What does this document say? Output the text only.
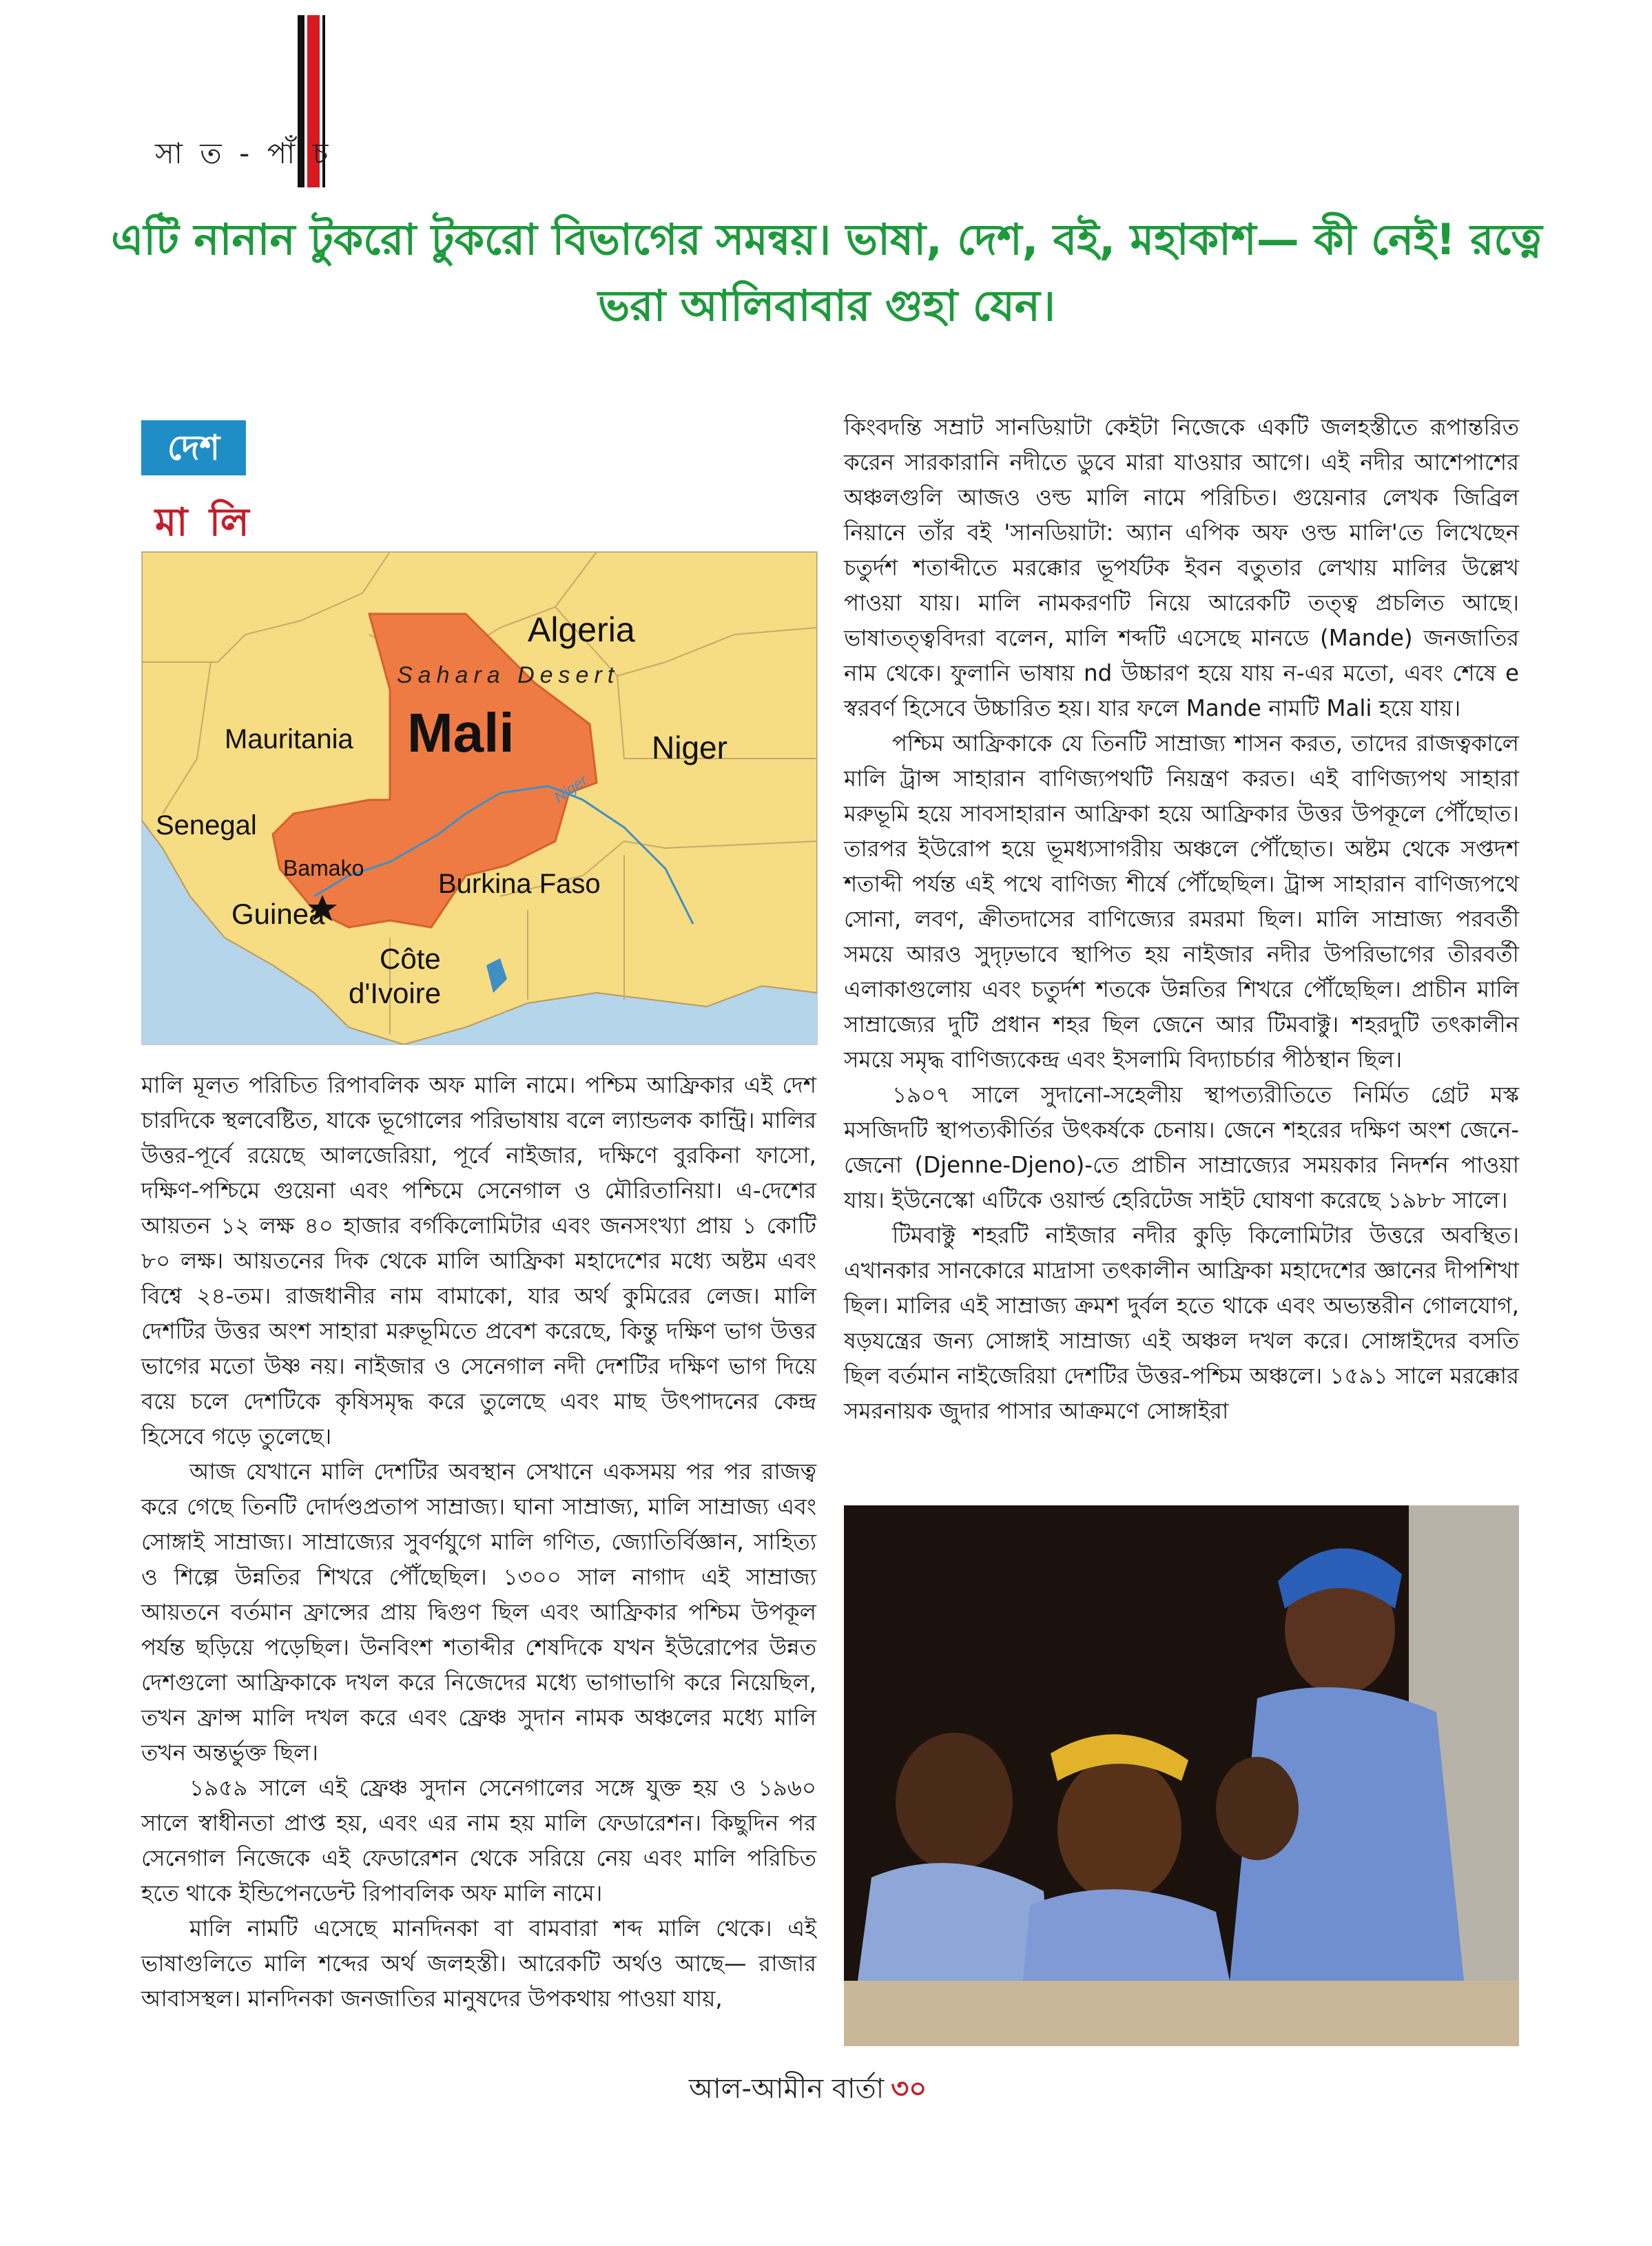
সা ত - পাঁ চ
এটি নানান টুকরো টুকরো বিভাগের সমন্বয়। ভাষা, দেশ, বই, মহাকাশ— কী নেই! রত্নে ভরা আলিবাবার গুহা যেন।
দেশ
মা লি
Algeria
Sahara Desert
Mauritania Mali	Niger
Senegal
Niger
Bamako
Burkina Faso
Guinea
Côte
d'Ivoire

মালি মূলত পরিচিত রিপাবলিক অফ মালি নামে। পশ্চিম আফ্রিকার এই দেশ চারদিকে স্থলবেষ্টিত, যাকে ভূগোলের পরিভাষায় বলে ল্যান্ডলক কান্ট্রি। মালির উত্তর-পূর্বে রয়েছে আলজেরিয়া, পূর্বে নাইজার, দক্ষিণে বুরকিনা ফাসো, দক্ষিণ-পশ্চিমে গুয়েনা এবং পশ্চিমে সেনেগাল ও মৌরিতানিয়া। এ-দেশের আয়তন ১২ লক্ষ ৪০ হাজার বর্গকিলোমিটার এবং জনসংখ্যা প্রায় ১ কোটি ৮০ লক্ষ। আয়তনের দিক থেকে মালি আফ্রিকা মহাদেশের মধ্যে অষ্টম এবং বিশ্বে ২৪-তম। রাজধানীর নাম বামাকো, যার অর্থ কুমিরের লেজ। মালি দেশটির উত্তর অংশ সাহারা মরুভূমিতে প্রবেশ করেছে, কিন্তু দক্ষিণ ভাগ উত্তর ভাগের মতো উষ্ণ নয়। নাইজার ও সেনেগাল নদী দেশটির দক্ষিণ ভাগ দিয়ে বয়ে চলে দেশটিকে কৃষিসমৃদ্ধ করে তুলেছে এবং মাছ উৎপাদনের কেন্দ্র হিসেবে গড়ে তুলেছে।

আজ যেখানে মালি দেশটির অবস্থান সেখানে একসময় পর পর রাজত্ব করে গেছে তিনটি দোর্দণ্ডপ্রতাপ সাম্রাজ্য। ঘানা সাম্রাজ্য, মালি সাম্রাজ্য এবং সোঙ্গাই সাম্রাজ্য। সাম্রাজ্যের সুবর্ণযুগে মালি গণিত, জ্যোতির্বিজ্ঞান, সাহিত্য ও শিল্পে উন্নতির শিখরে পৌঁছেছিল। ১৩০০ সাল নাগাদ এই সাম্রাজ্য আয়তনে বর্তমান ফ্রান্সের প্রায় দ্বিগুণ ছিল এবং আফ্রিকার পশ্চিম উপকূল পর্যন্ত ছড়িয়ে পড়েছিল। উনবিংশ শতাব্দীর শেষদিকে যখন ইউরোপের উন্নত দেশগুলো আফ্রিকাকে দখল করে নিজেদের মধ্যে ভাগাভাগি করে নিয়েছিল, তখন ফ্রান্স মালি দখল করে এবং ফ্রেঞ্চ সুদান নামক অঞ্চলের মধ্যে মালি তখন অন্তর্ভুক্ত ছিল।

১৯৫৯ সালে এই ফ্রেঞ্চ সুদান সেনেগালের সঙ্গে যুক্ত হয় ও ১৯৬০ সালে স্বাধীনতা প্রাপ্ত হয়, এবং এর নাম হয় মালি ফেডারেশন। কিছুদিন পর সেনেগাল নিজেকে এই ফেডারেশন থেকে সরিয়ে নেয় এবং মালি পরিচিত হতে থাকে ইন্ডিপেনডেন্ট রিপাবলিক অফ মালি নামে।

মালি নামটি এসেছে মানদিনকা বা বামবারা শব্দ মালি থেকে। এই ভাষাগুলিতে মালি শব্দের অর্থ জলহস্তী। আরেকটি অর্থও আছে— রাজার আবাসস্থল। মানদিনকা জনজাতির মানুষদের উপকথায় পাওয়া যায়,

কিংবদন্তি সম্রাট সানডিয়াটা কেইটা নিজেকে একটি জলহস্তীতে রূপান্তরিত করেন সারকারানি নদীতে ডুবে মারা যাওয়ার আগে। এই নদীর আশেপাশের অঞ্চলগুলি আজও ওল্ড মালি নামে পরিচিত। গুয়েনার লেখক জিব্রিল নিয়ানে তাঁর বই 'সানডিয়াটা: অ্যান এপিক অফ ওল্ড মালি'তে লিখেছেন চতুর্দশ শতাব্দীতে মরক্কোর ভূপর্যটক ইবন বতুতার লেখায় মালির উল্লেখ পাওয়া যায়। মালি নামকরণটি নিয়ে আরেকটি তত্ত্ব প্রচলিত আছে। ভাষাতত্ত্ববিদরা বলেন, মালি শব্দটি এসেছে মানডে (Mande) জনজাতির নাম থেকে। ফুলানি ভাষায় nd উচ্চারণ হয়ে যায় ন-এর মতো, এবং শেষে e স্বরবর্ণ হিসেবে উচ্চারিত হয়। যার ফলে Mande নামটি Mali হয়ে যায়।

পশ্চিম আফ্রিকাকে যে তিনটি সাম্রাজ্য শাসন করত, তাদের রাজত্বকালে মালি ট্রান্স সাহারান বাণিজ্যপথটি নিয়ন্ত্রণ করত। এই বাণিজ্যপথ সাহারা মরুভূমি হয়ে সাবসাহারান আফ্রিকা হয়ে আফ্রিকার উত্তর উপকূলে পৌঁছোত। তারপর ইউরোপ হয়ে ভূমধ্যসাগরীয় অঞ্চলে পৌঁছোত। অষ্টম থেকে সপ্তদশ শতাব্দী পর্যন্ত এই পথে বাণিজ্য শীর্ষে পৌঁছেছিল। ট্রান্স সাহারান বাণিজ্যপথে সোনা, লবণ, ক্রীতদাসের বাণিজ্যের রমরমা ছিল। মালি সাম্রাজ্য পরবর্তী সময়ে আরও সুদৃঢ়ভাবে স্থাপিত হয় নাইজার নদীর উপরিভাগের তীরবর্তী এলাকাগুলোয় এবং চতুর্দশ শতকে উন্নতির শিখরে পৌঁছেছিল। প্রাচীন মালি সাম্রাজ্যের দুটি প্রধান শহর ছিল জেনে আর টিমবাক্টু। শহরদুটি তৎকালীন সময়ে সমৃদ্ধ বাণিজ্যকেন্দ্র এবং ইসলামি বিদ্যাচর্চার পীঠস্থান ছিল।

১৯০৭ সালে সুদানো-সহেলীয় স্থাপত্যরীতিতে নির্মিত গ্রেট মস্ক মসজিদটি স্থাপত্যকীর্তির উৎকর্ষকে চেনায়। জেনে শহরের দক্ষিণ অংশ জেনে-জেনো (Djenne-Djeno)-তে প্রাচীন সাম্রাজ্যের সময়কার নিদর্শন পাওয়া যায়। ইউনেস্কো এটিকে ওয়ার্ল্ড হেরিটেজ সাইট ঘোষণা করেছে ১৯৮৮ সালে।

টিমবাক্টু শহরটি নাইজার নদীর কুড়ি কিলোমিটার উত্তরে অবস্থিত। এখানকার সানকোরে মাদ্রাসা তৎকালীন আফ্রিকা মহাদেশের জ্ঞানের দীপশিখা ছিল। মালির এই সাম্রাজ্য ক্রমশ দুর্বল হতে থাকে এবং অভ্যন্তরীন গোলযোগ, ষড়যন্ত্রের জন্য সোঙ্গাই সাম্রাজ্য এই অঞ্চল দখল করে। সোঙ্গাইদের বসতি ছিল বর্তমান নাইজেরিয়া দেশটির উত্তর-পশ্চিম অঞ্চলে। ১৫৯১ সালে মরক্কোর সমরনায়ক জুদার পাসার আক্রমণে সোঙ্গাইরা

আল-আমীন বার্তা ৩০
